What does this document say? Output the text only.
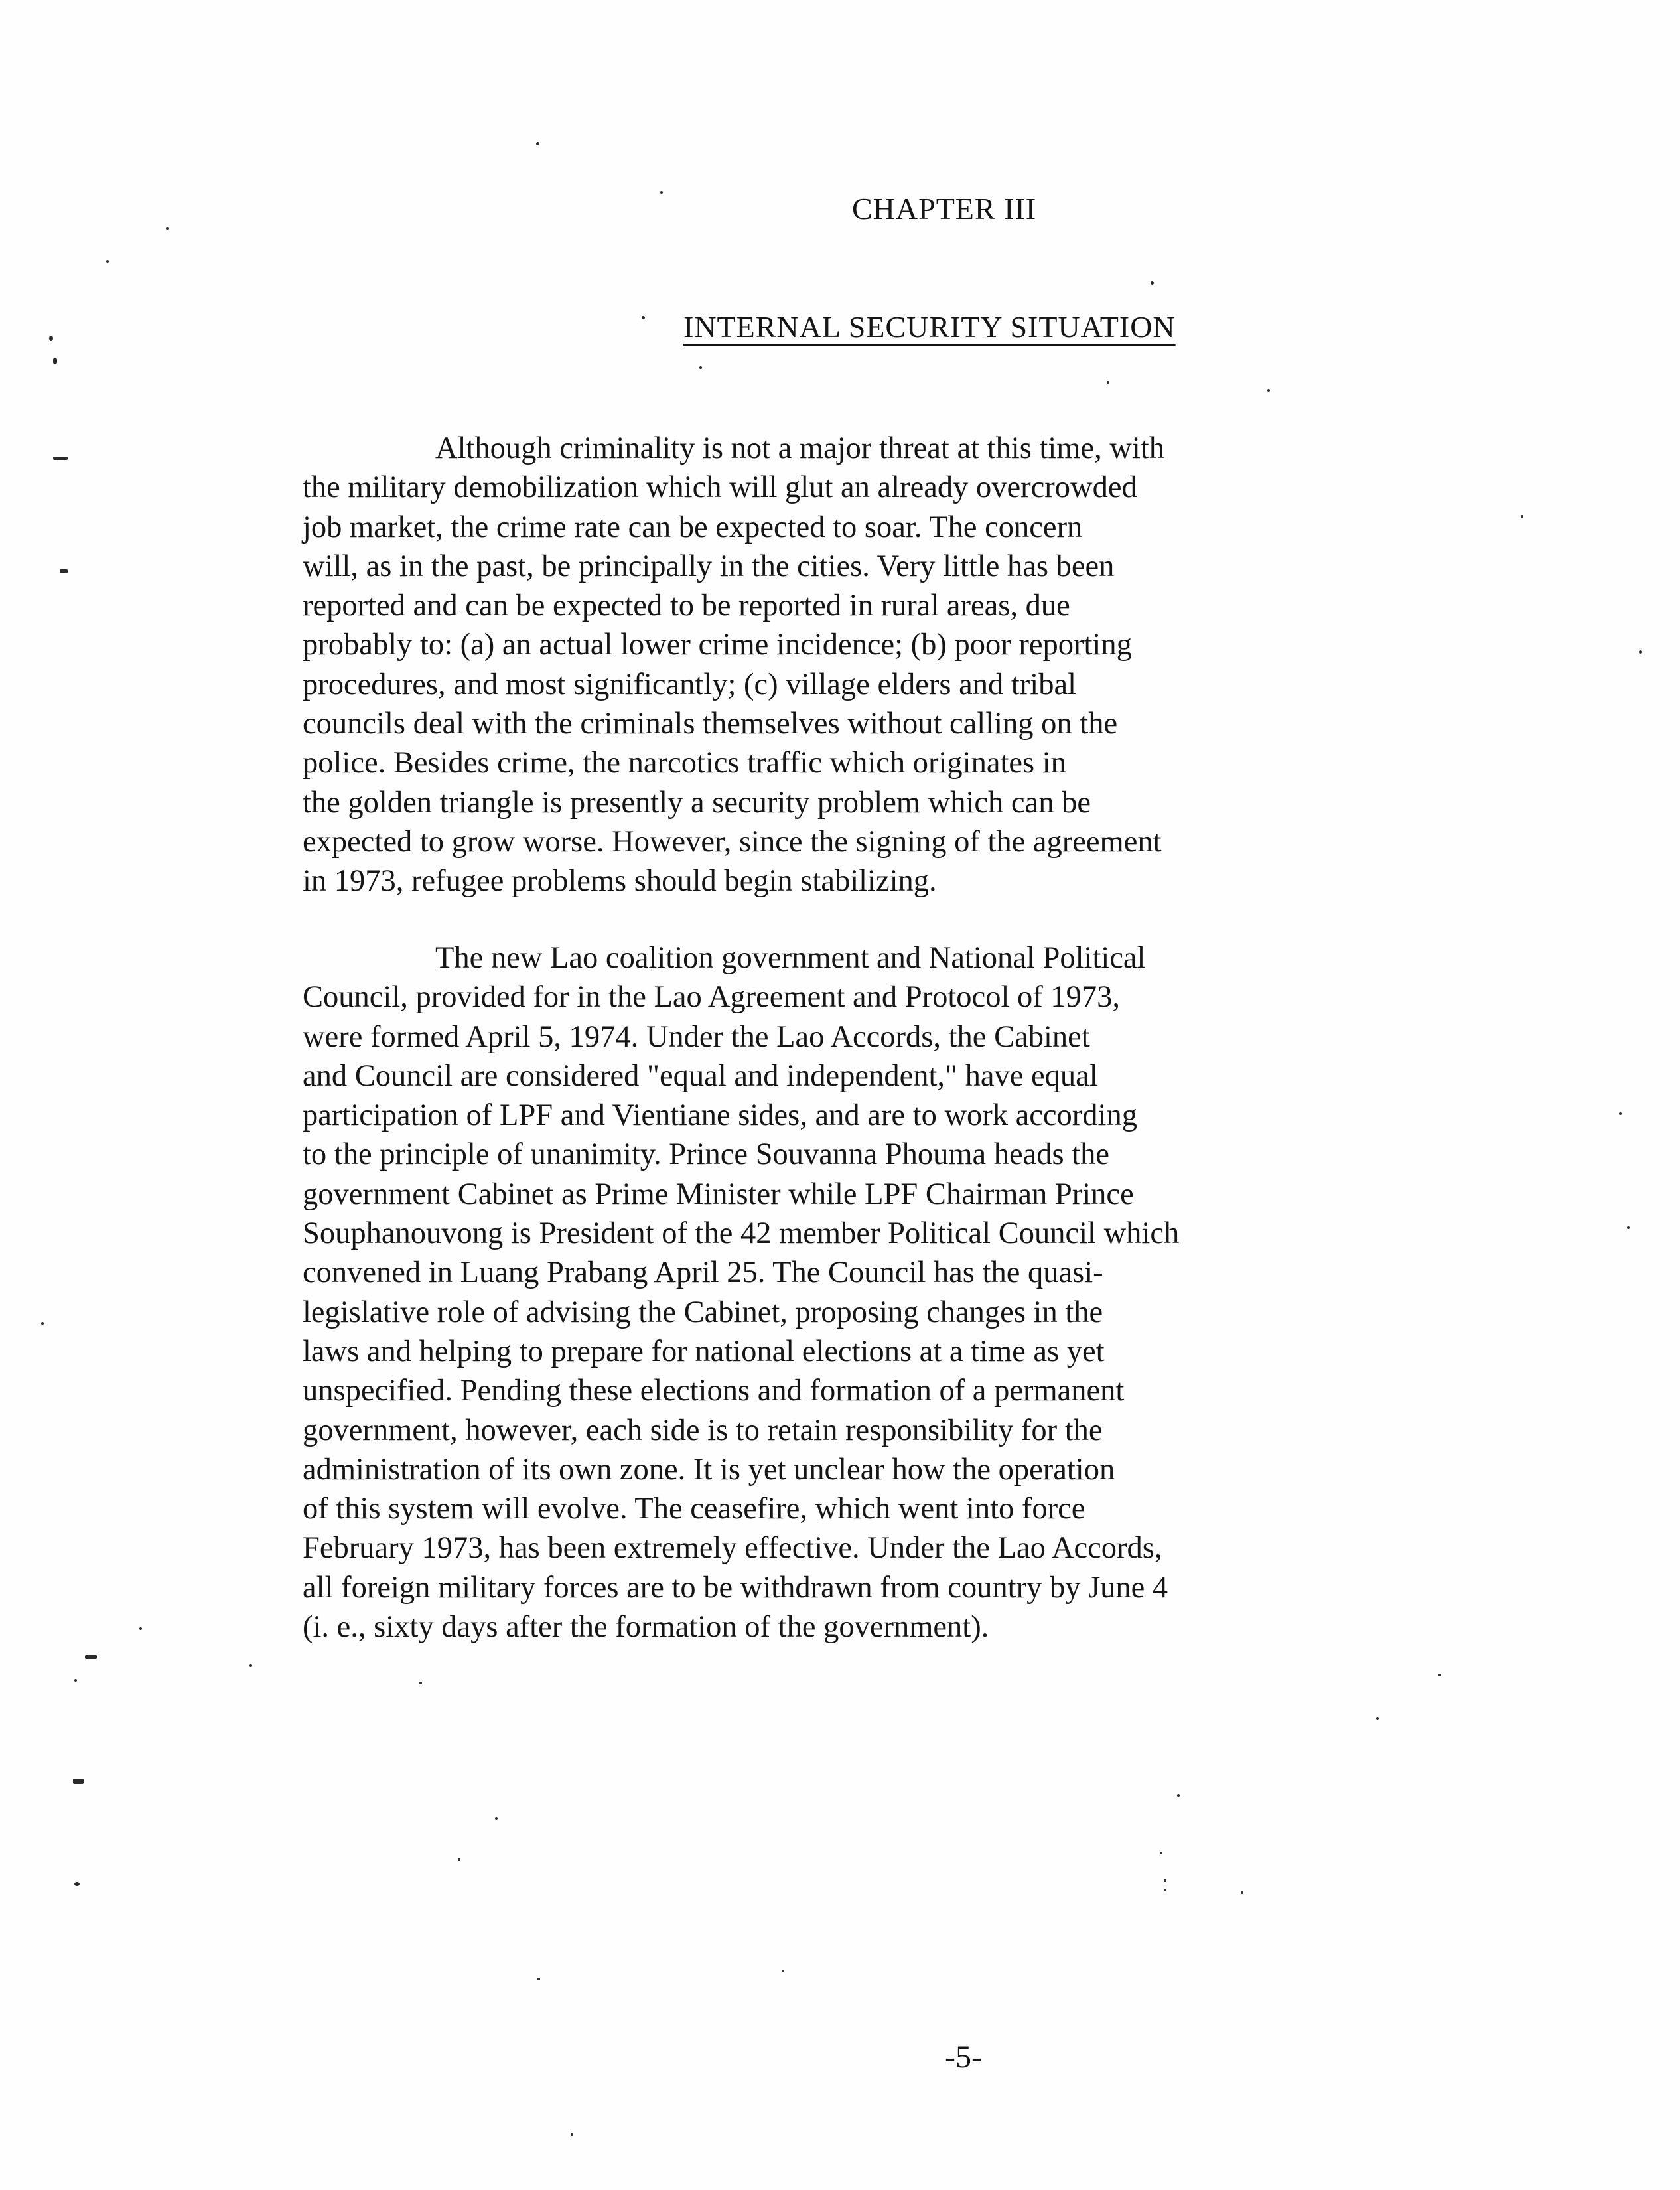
CHAPTER III
INTERNAL SECURITY SITUATION
Although criminality is not a major threat at this time, with
the military demobilization which will glut an already overcrowded
job market, the crime rate can be expected to soar. The concern
will, as in the past, be principally in the cities. Very little has been
reported and can be expected to be reported in rural areas, due
probably to: (a) an actual lower crime incidence; (b) poor reporting
procedures, and most significantly; (c) village elders and tribal
councils deal with the criminals themselves without calling on the
police. Besides crime, the narcotics traffic which originates in
the golden triangle is presently a security problem which can be
expected to grow worse. However, since the signing of the agreement
in 1973, refugee problems should begin stabilizing.
The new Lao coalition government and National Political
Council, provided for in the Lao Agreement and Protocol of 1973,
were formed April 5, 1974. Under the Lao Accords, the Cabinet
and Council are considered "equal and independent," have equal
participation of LPF and Vientiane sides, and are to work according
to the principle of unanimity. Prince Souvanna Phouma heads the
government Cabinet as Prime Minister while LPF Chairman Prince
Souphanouvong is President of the 42 member Political Council which
convened in Luang Prabang April 25. The Council has the quasi-
legislative role of advising the Cabinet, proposing changes in the
laws and helping to prepare for national elections at a time as yet
unspecified. Pending these elections and formation of a permanent
government, however, each side is to retain responsibility for the
administration of its own zone. It is yet unclear how the operation
of this system will evolve. The ceasefire, which went into force
February 1973, has been extremely effective. Under the Lao Accords,
all foreign military forces are to be withdrawn from country by June 4
(i. e., sixty days after the formation of the government).
-5-
